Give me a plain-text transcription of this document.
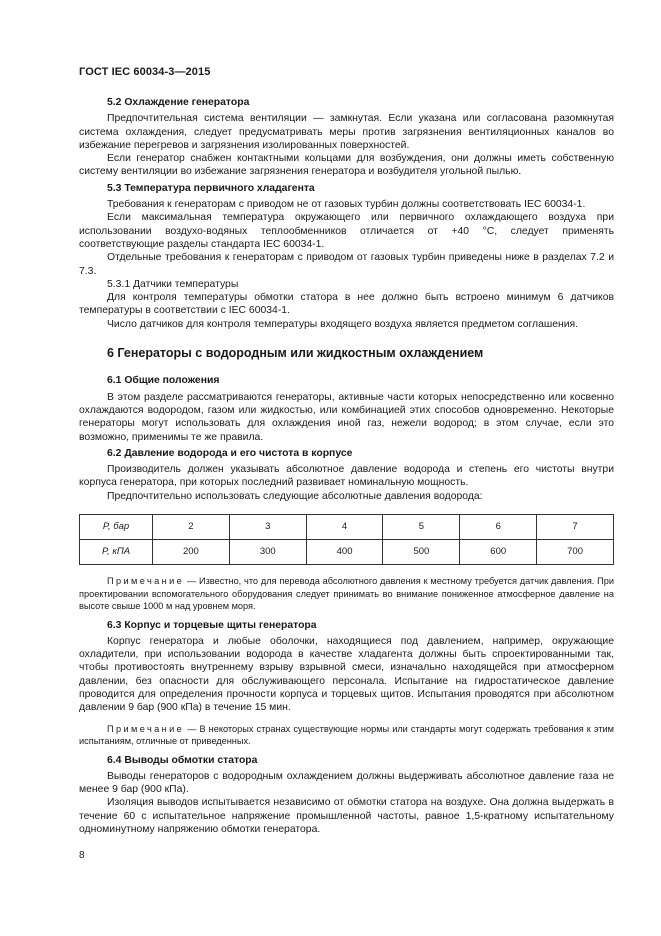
ГОСТ IEC 60034-3—2015
5.2 Охлаждение генератора

Предпочтительная система вентиляции — замкнутая. Если указана или согласована разомкнутая система охлаждения, следует предусматривать меры против загрязнения вентиляционных каналов во избежание перегревов и загрязнения изолированных поверхностей.

Если генератор снабжен контактными кольцами для возбуждения, они должны иметь собственную систему вентиляции во избежание загрязнения генератора и возбудителя угольной пылью.

5.3 Температура первичного хладагента

Требования к генераторам с приводом не от газовых турбин должны соответствовать IEC 60034-1.

Если максимальная температура окружающего или первичного охлаждающего воздуха при использовании воздухо-водяных теплообменников отличается от +40 °С, следует применять соответствующие разделы стандарта IEC 60034-1.

Отдельные требования к генераторам с приводом от газовых турбин приведены ниже в разделах 7.2 и 7.3.

5.3.1 Датчики температуры

Для контроля температуры обмотки статора в нее должно быть встроено минимум 6 датчиков температуры в соответствии с IEC 60034-1.

Число датчиков для контроля температуры входящего воздуха является предметом соглашения.

6 Генераторы с водородным или жидкостным охлаждением
6.1 Общие положения

В этом разделе рассматриваются генераторы, активные части которых непосредственно или косвенно охлаждаются водородом, газом или жидкостью, или комбинацией этих способов одновременно. Некоторые генераторы могут использовать для охлаждения иной газ, нежели водород; в этом случае, если это возможно, применимы те же правила.

6.2 Давление водорода и его чистота в корпусе

Производитель должен указывать абсолютное давление водорода и степень его чистоты внутри корпуса генератора, при которых последний развивает номинальную мощность.

Предпочтительно использовать следующие абсолютные давления водорода:

P, бар	2	3	4	5	6	7
P, кПА	200	300	400	500	600	700

Примечание — Известно, что для перевода абсолютного давления к местному требуется датчик давления. При проектировании вспомогательного оборудования следует принимать во внимание пониженное атмосферное давление на высоте свыше 1000 м над уровнем моря.

6.3 Корпус и торцевые щиты генератора

Корпус генератора и любые оболочки, находящиеся под давлением, например, окружающие охладители, при использовании водорода в качестве хладагента должны быть спроектированными так, чтобы противостоять внутреннему взрыву взрывной смеси, изначально находящейся при атмосферном давлении, без опасности для обслуживающего персонала. Испытание на гидростатическое давление проводится для определения прочности корпуса и торцевых щитов. Испытания проводятся при абсолютном давлении 9 бар (900 кПа) в течение 15 мин.

Примечание — В некоторых странах существующие нормы или стандарты могут содержать требования к этим испытаниям, отличные от приведенных.

6.4 Выводы обмотки статора

Выводы генераторов с водородным охлаждением должны выдерживать абсолютное давление газа не менее 9 бар (900 кПа).

Изоляция выводов испытывается независимо от обмотки статора на воздухе. Она должна выдержать в течение 60 с испытательное напряжение промышленной частоты, равное 1,5-кратному испытательному одноминутному напряжению обмотки генератора.

8
